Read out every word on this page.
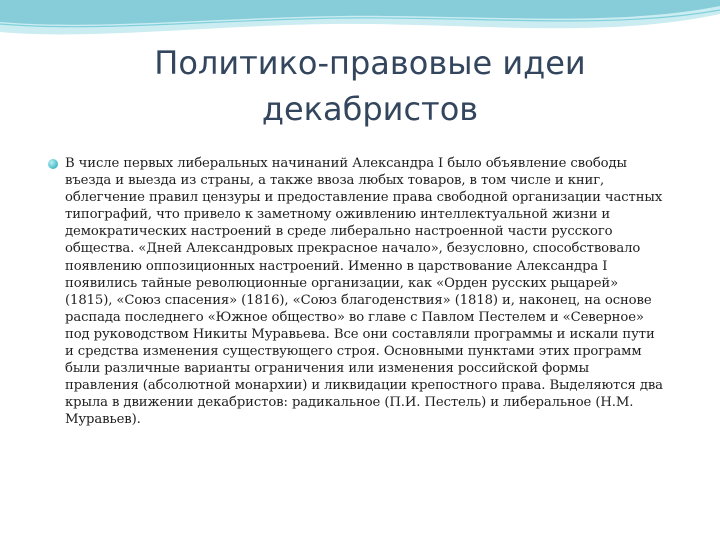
Политико-правовые идеи
декабристов

В числе первых либеральных начинаний Александра I было объявление свободы въезда и выезда из страны, а также ввоза любых товаров, в том числе и книг, облегчение правил цензуры и предоставление права свободной организации частных типографий, что привело к заметному оживлению интеллектуальной жизни и демократических настроений в среде либерально настроенной части русского общества. «Дней Александровых прекрасное начало», безусловно, способствовало появлению оппозиционных настроений. Именно в царствование Александра I появились тайные революционные организации, как «Орден русских рыцарей» (1815), «Союз спасения» (1816), «Союз благоденствия» (1818) и, наконец, на основе распада последнего «Южное общество» во главе с Павлом Пестелем и «Северное» под руководством Никиты Муравьева. Все они составляли программы и искали пути и средства изменения существующего строя. Основными пунктами этих программ были различные варианты ограничения или изменения российской формы правления (абсолютной монархии) и ликвидации крепостного права. Выделяются два крыла в движении декабристов: радикальное (П.И. Пестель) и либеральное (Н.М. Муравьев).
